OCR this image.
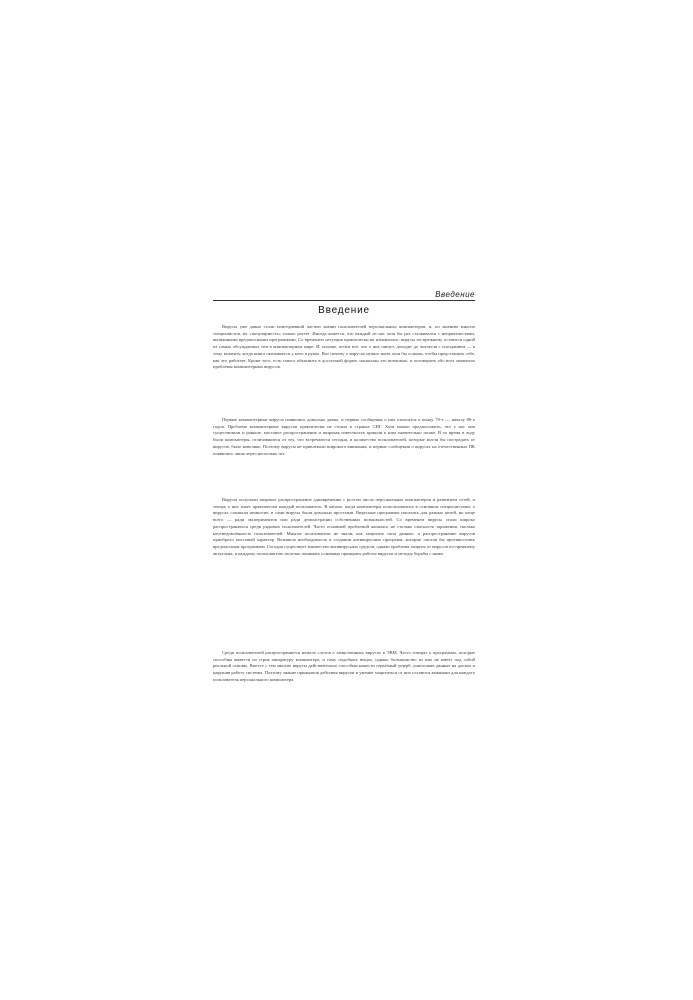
Введение
Введение

Вирусы уже давно стали повседневной частью жизни пользователей персональных компьютеров, и, по мнению многих специалистов, их «популярность» только растёт. Иногда кажется, что каждый из нас хотя бы раз сталкивался с неприятностями, вызванными вредоносными программами. Со временем ситуация практически не изменилась: вирусы по-прежнему остаются одной из самых обсуждаемых тем в компьютерном мире. И, похоже, почти всё, что о них пишут, доходит до читателя с опозданием — к тому моменту, когда книга оказывается у него в руках. Вот почему о вирусах нужно знать хотя бы основы, чтобы представлять себе, как это работает. Кроме того, есть смысл объяснить в доступной форме, насколько это возможно, и поговорить обо всех моментах проблемы компьютерных вирусов.

Первые компьютерные вирусы появились довольно давно, и первые сообщения о них относятся к концу 70-х — началу 80-х годов. Проблема компьютерных вирусов практически не стояла в странах СНГ. Хотя можно предположить, что у нас они существовали и раньше, массовое распространение и широкая известность пришли к ним значительно позже. В то время в ходу были компьютеры, отличавшиеся от тех, что встречаются сегодня, и количество пользователей, которые могли бы пострадать от вирусов, было невелико. Поэтому вирусы не привлекали широкого внимания, и первые сообщения о вирусах на отечественных ПК появились лишь через несколько лет.

Вирусы получили широкое распространение одновременно с ростом числа персональных компьютеров и развитием сетей, и теперь о них знает практически каждый пользователь. В начале, когда компьютеры использовались в основном специалистами, о вирусах слышали немногие, и сами вирусы были довольно простыми. Вирусные программы писались для разных целей, но чаще всего — ради экспериментов или ради демонстрации собственных возможностей. Со временем вирусы стали широко распространяться среди рядовых пользователей. Часто основной проблемой являлась не столько опасность заражения, сколько неосведомлённость пользователей. Многие пользователи не знали, как защитить свои данные, и распространение вирусов приобрело массовый характер. Возникла необходимость в создании антивирусных программ, которые смогли бы противостоять вредоносным программам. Сегодня существует множество антивирусных средств, однако проблема защиты от вирусов по-прежнему актуальна, и каждому пользователю полезно понимать основные принципы работы вирусов и методы борьбы с ними.

Среди пользователей распространяется немало слухов о таинственных вирусах в ЭВМ. Часто говорят о программах, которые способны вывести из строя аппаратуру компьютера, и тому подобных вещах, однако большинство из них не имеет под собой реальной основы. Вместе с тем многие вирусы действительно способны нанести серьёзный ущерб, уничтожив данные на дисках и нарушив работу системы. Поэтому знание принципов действия вирусов и умение защититься от них остаются важными для каждого пользователя персонального компьютера.
